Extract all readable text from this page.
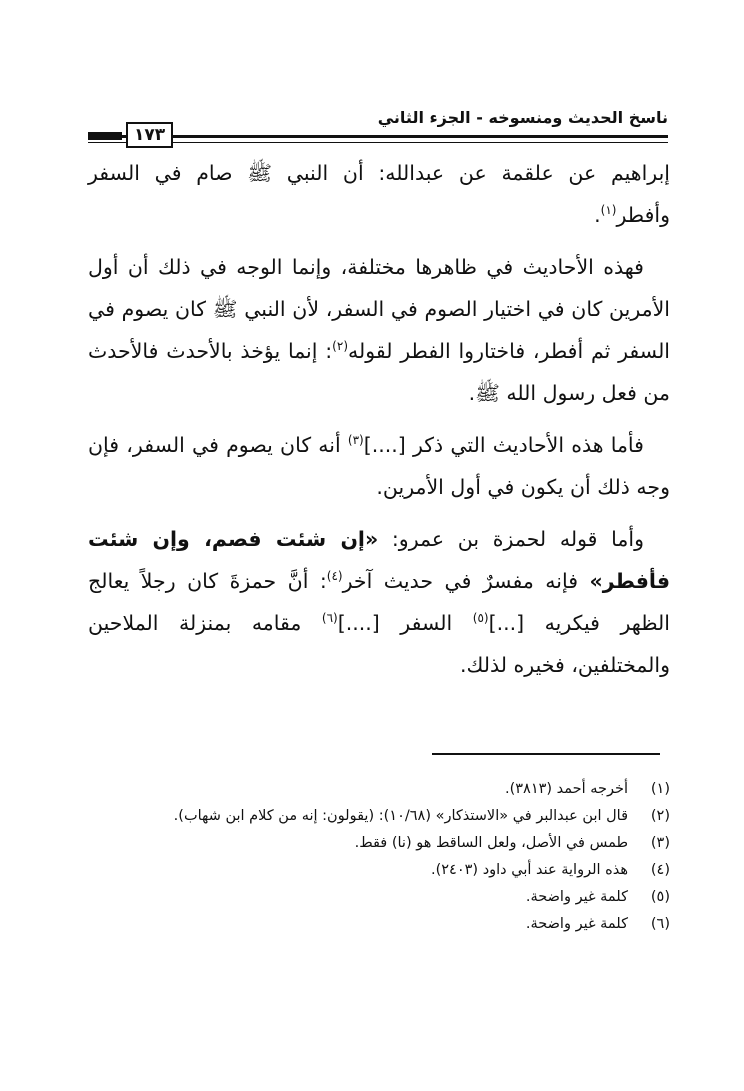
ناسخ الحديث ومنسوخه - الجزء الثاني
١٧٣

إبراهيم عن علقمة عن عبدالله: أن النبي ﷺ صام في السفر وأفطر$^{(١)}$.

فهذه الأحاديث في ظاهرها مختلفة، وإنما الوجه في ذلك أن أول الأمرين كان في اختيار الصوم في السفر، لأن النبي ﷺ كان يصوم في السفر ثم أفطر، فاختاروا الفطر لقوله$^{(٢)}$: إنما يؤخذ بالأحدث فالأحدث من فعل رسول الله ﷺ.

فأما هذه الأحاديث التي ذكر [....]$^{(٣)}$ أنه كان يصوم في السفر، فإن وجه ذلك أن يكون في أول الأمرين.

وأما قوله لحمزة بن عمرو: «إن شئت فصم، وإن شئت فأفطر» فإنه مفسرٌ في حديث آخر$^{(٤)}$: أنَّ حمزةَ كان رجلاً يعالج الظهر فيكريه [...]$^{(٥)}$ السفر [....]$^{(٦)}$ مقامه بمنزلة الملاحين والمختلفين، فخيره لذلك.

(١)
أخرجه أحمد (٣٨١٣).
(٢)
قال ابن عبدالبر في «الاستذكار» (١٠/٦٨): (يقولون: إنه من كلام ابن شهاب).
(٣)
طمس في الأصل، ولعل الساقط هو (نا) فقط.
(٤)
هذه الرواية عند أبي داود (٢٤٠٣).
(٥)
كلمة غير واضحة.
(٦)
كلمة غير واضحة.
